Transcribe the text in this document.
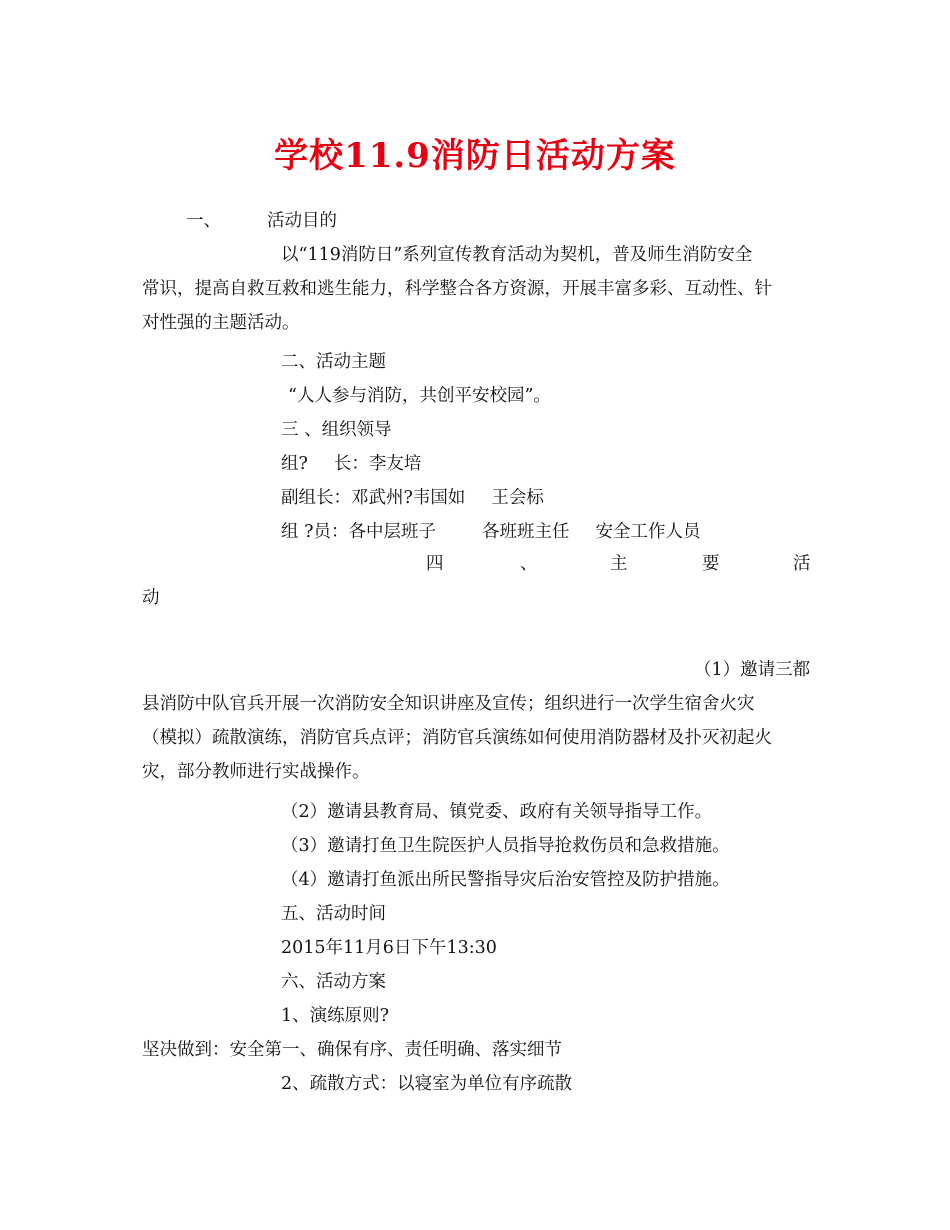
学校11.9消防日活动方案
一、	活动目的
以“119消防日”系列宣传教育活动为契机，普及师生消防安全
常识，提高自救互救和逃生能力，科学整合各方资源，开展丰富多彩、互动性、针
对性强的主题活动。
二、活动主题
“人人参与消防，共创平安校园”。
三 、组织领导
组? 长：李友培
副组长：邓武州?韦国如 王会标
组 ?员：各中层班子	各班班主任 安全工作人员
四	、	主	要	活
动
（1）邀请三都
县消防中队官兵开展一次消防安全知识讲座及宣传；组织进行一次学生宿舍火灾
（模拟）疏散演练，消防官兵点评；消防官兵演练如何使用消防器材及扑灭初起火
灾，部分教师进行实战操作。
（2）邀请县教育局、镇党委、政府有关领导指导工作。
（3）邀请打鱼卫生院医护人员指导抢救伤员和急救措施。
（4）邀请打鱼派出所民警指导灾后治安管控及防护措施。
五、活动时间
2015年11月6日下午13:30
六、活动方案
1、演练原则?
坚决做到：安全第一、确保有序、责任明确、落实细节
2、疏散方式：以寝室为单位有序疏散
